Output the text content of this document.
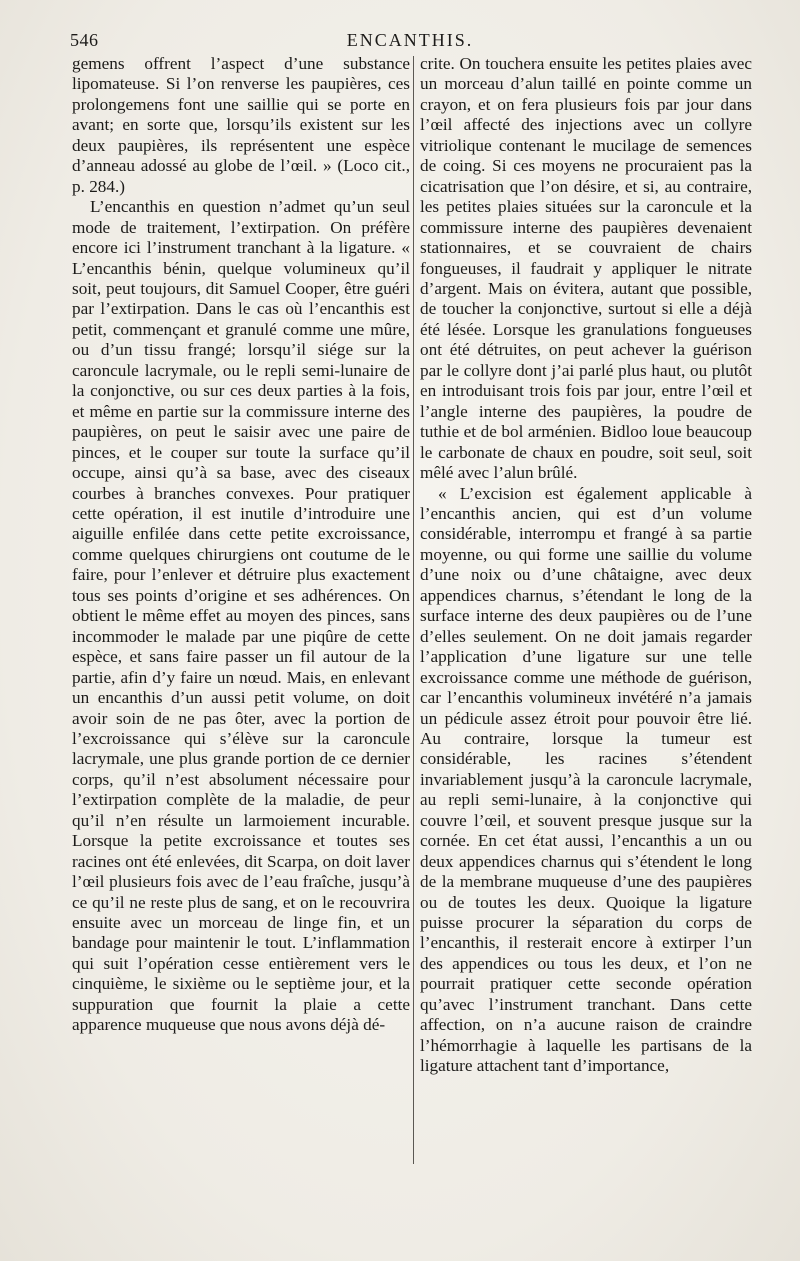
546	ENCANTHIS.

gemens offrent l’aspect d’une substance lipomateuse. Si l’on renverse les paupières, ces prolongemens font une saillie qui se porte en avant; en sorte que, lorsqu’ils existent sur les deux paupières, ils représentent une espèce d’anneau adossé au globe de l’œil. » (Loco cit., p. 284.)

L’encanthis en question n’admet qu’un seul mode de traitement, l’extirpation. On préfère encore ici l’instrument tranchant à la ligature. « L’encanthis bénin, quelque volumineux qu’il soit, peut toujours, dit Samuel Cooper, être guéri par l’extirpation. Dans le cas où l’encanthis est petit, commençant et granulé comme une mûre, ou d’un tissu frangé; lorsqu’il siége sur la caroncule lacrymale, ou le repli semi-lunaire de la conjonctive, ou sur ces deux parties à la fois, et même en partie sur la commissure interne des paupières, on peut le saisir avec une paire de pinces, et le couper sur toute la surface qu’il occupe, ainsi qu’à sa base, avec des ciseaux courbes à branches convexes. Pour pratiquer cette opération, il est inutile d’introduire une aiguille enfilée dans cette petite excroissance, comme quelques chirurgiens ont coutume de le faire, pour l’enlever et détruire plus exactement tous ses points d’origine et ses adhérences. On obtient le même effet au moyen des pinces, sans incommoder le malade par une piqûre de cette espèce, et sans faire passer un fil autour de la partie, afin d’y faire un nœud. Mais, en enlevant un encanthis d’un aussi petit volume, on doit avoir soin de ne pas ôter, avec la portion de l’excroissance qui s’élève sur la caroncule lacrymale, une plus grande portion de ce dernier corps, qu’il n’est absolument nécessaire pour l’extirpation complète de la maladie, de peur qu’il n’en résulte un larmoiement incurable. Lorsque la petite excroissance et toutes ses racines ont été enlevées, dit Scarpa, on doit laver l’œil plusieurs fois avec de l’eau fraîche, jusqu’à ce qu’il ne reste plus de sang, et on le recouvrira ensuite avec un morceau de linge fin, et un bandage pour maintenir le tout. L’inflammation qui suit l’opération cesse entièrement vers le cinquième, le sixième ou le septième jour, et la suppuration que fournit la plaie a cette apparence muqueuse que nous avons déjà dé-

crite. On touchera ensuite les petites plaies avec un morceau d’alun taillé en pointe comme un crayon, et on fera plusieurs fois par jour dans l’œil affecté des injections avec un collyre vitriolique contenant le mucilage de semences de coing. Si ces moyens ne procuraient pas la cicatrisation que l’on désire, et si, au contraire, les petites plaies situées sur la caroncule et la commissure interne des paupières devenaient stationnaires, et se couvraient de chairs fongueuses, il faudrait y appliquer le nitrate d’argent. Mais on évitera, autant que possible, de toucher la conjonctive, surtout si elle a déjà été lésée. Lorsque les granulations fongueuses ont été détruites, on peut achever la guérison par le collyre dont j’ai parlé plus haut, ou plutôt en introduisant trois fois par jour, entre l’œil et l’angle interne des paupières, la poudre de tuthie et de bol arménien. Bidloo loue beaucoup le carbonate de chaux en poudre, soit seul, soit mêlé avec l’alun brûlé.

« L’excision est également applicable à l’encanthis ancien, qui est d’un volume considérable, interrompu et frangé à sa partie moyenne, ou qui forme une saillie du volume d’une noix ou d’une châtaigne, avec deux appendices charnus, s’étendant le long de la surface interne des deux paupières ou de l’une d’elles seulement. On ne doit jamais regarder l’application d’une ligature sur une telle excroissance comme une méthode de guérison, car l’encanthis volumineux invétéré n’a jamais un pédicule assez étroit pour pouvoir être lié. Au contraire, lorsque la tumeur est considérable, les racines s’étendent invariablement jusqu’à la caroncule lacrymale, au repli semi-lunaire, à la conjonctive qui couvre l’œil, et souvent presque jusque sur la cornée. En cet état aussi, l’encanthis a un ou deux appendices charnus qui s’étendent le long de la membrane muqueuse d’une des paupières ou de toutes les deux. Quoique la ligature puisse procurer la séparation du corps de l’encanthis, il resterait encore à extirper l’un des appendices ou tous les deux, et l’on ne pourrait pratiquer cette seconde opération qu’avec l’instrument tranchant. Dans cette affection, on n’a aucune raison de craindre l’hémorrhagie à laquelle les partisans de la ligature attachent tant d’importance,
